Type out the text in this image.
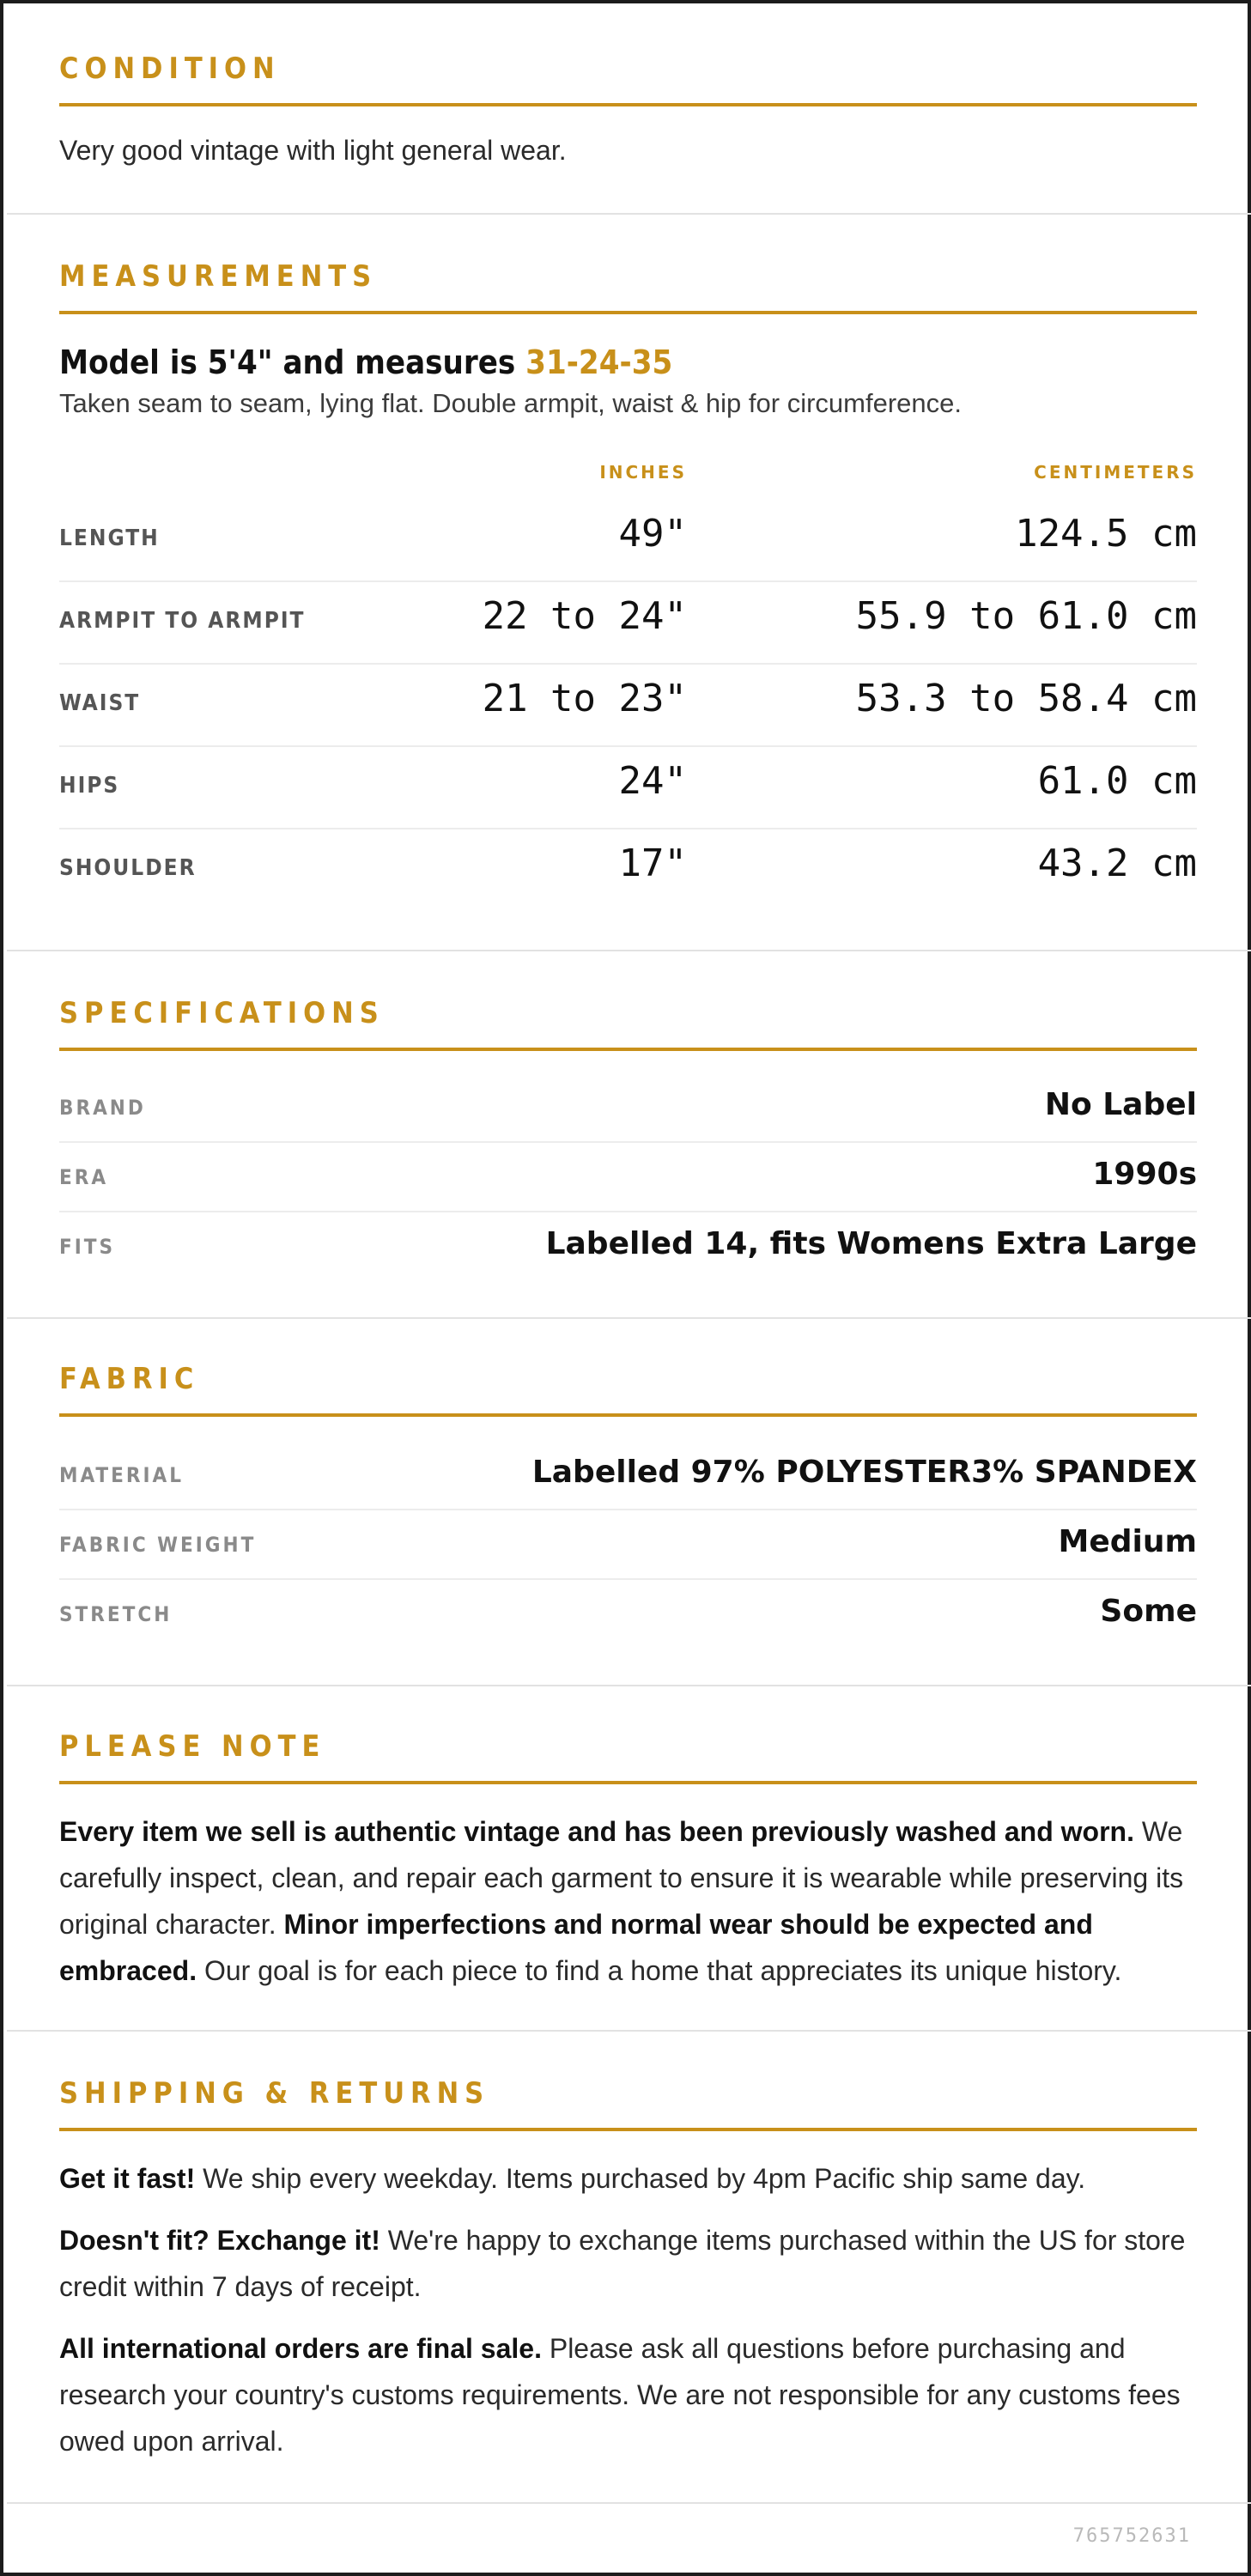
CONDITION
Very good vintage with light general wear.
MEASUREMENTS
Model is 5'4" and measures 31-24-35
Taken seam to seam, lying flat. Double armpit, waist & hip for circumference.
INCHES	CENTIMETERS
LENGTH	49"	124.5 cm
ARMPIT TO ARMPIT	22 to 24"	55.9 to 61.0 cm
WAIST	21 to 23"	53.3 to 58.4 cm
HIPS	24"	61.0 cm
SHOULDER	17"	43.2 cm
SPECIFICATIONS
BRAND	No Label
ERA	1990s
FITS	Labelled 14, fits Womens Extra Large
FABRIC
MATERIAL	Labelled 97% POLYESTER3% SPANDEX
FABRIC WEIGHT	Medium
STRETCH	Some
PLEASE NOTE
Every item we sell is authentic vintage and has been previously washed and worn. We carefully inspect, clean, and repair each garment to ensure it is wearable while preserving its original character. Minor imperfections and normal wear should be expected and embraced. Our goal is for each piece to find a home that appreciates its unique history.
SHIPPING & RETURNS
Get it fast! We ship every weekday. Items purchased by 4pm Pacific ship same day.
Doesn't fit? Exchange it! We're happy to exchange items purchased within the US for store credit within 7 days of receipt.
All international orders are final sale. Please ask all questions before purchasing and research your country's customs requirements. We are not responsible for any customs fees owed upon arrival.
765752631
